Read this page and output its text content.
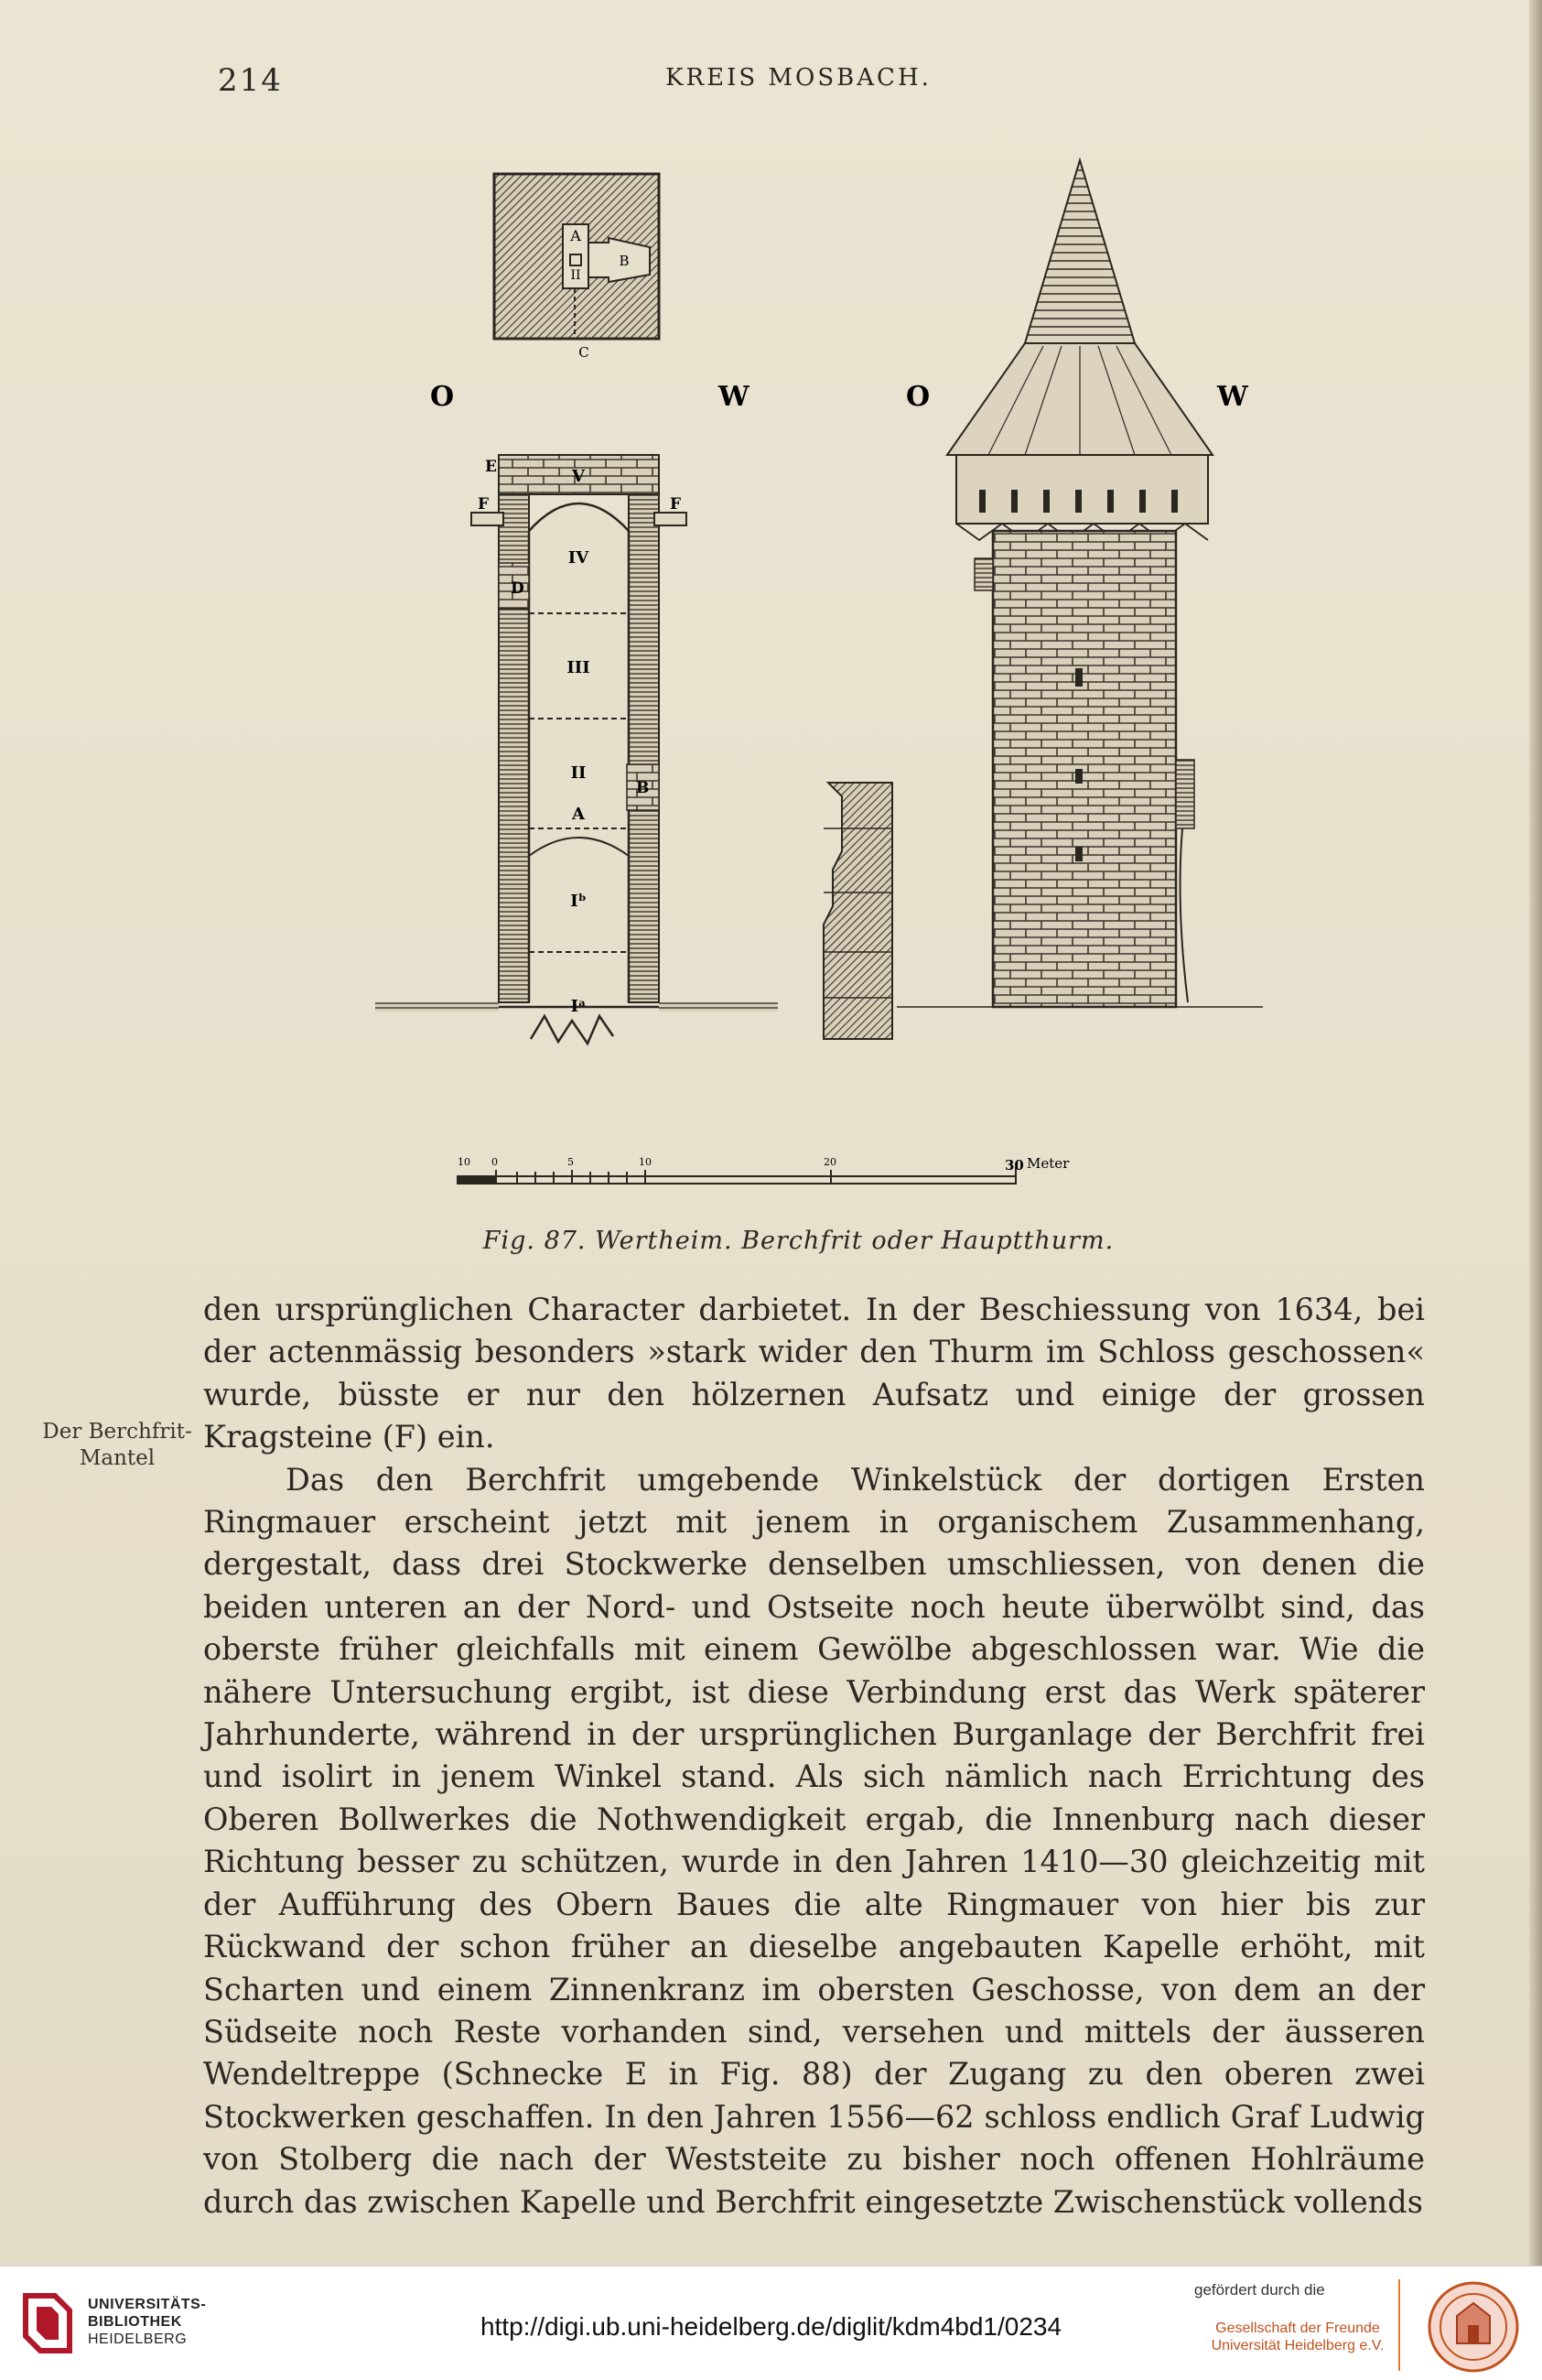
214	KREIS MOSBACH.
A
II
B
C
O	W	O	W
E
F	F
D
B
V
IV
III
II
A
Iᵇ
Iᵃ
10 0	5	10	20	30 Meter
Fig. 87. Wertheim. Berchfrit oder Hauptthurm.
Der Berchfrit-
Mantel

den ursprünglichen Character darbietet. In der Beschiessung von 1634, bei der actenmässig besonders »stark wider den Thurm im Schloss geschossen« wurde, büsste er nur den hölzernen Aufsatz und einige der grossen Kragsteine (F) ein.

Das den Berchfrit umgebende Winkelstück der dortigen Ersten Ringmauer erscheint jetzt mit jenem in organischem Zusammenhang, dergestalt, dass drei Stockwerke denselben umschliessen, von denen die beiden unteren an der Nord- und Ostseite noch heute überwölbt sind, das oberste früher gleichfalls mit einem Gewölbe abgeschlossen war. Wie die nähere Untersuchung ergibt, ist diese Verbindung erst das Werk späterer Jahrhunderte, während in der ursprünglichen Burganlage der Berchfrit frei und isolirt in jenem Winkel stand. Als sich nämlich nach Errichtung des Oberen Bollwerkes die Nothwendigkeit ergab, die Innenburg nach dieser Richtung besser zu schützen, wurde in den Jahren 1410—30 gleichzeitig mit der Aufführung des Obern Baues die alte Ringmauer von hier bis zur Rückwand der schon früher an dieselbe angebauten Kapelle erhöht, mit Scharten und einem Zinnenkranz im obersten Geschosse, von dem an der Südseite noch Reste vorhanden sind, versehen und mittels der äusseren Wendeltreppe (Schnecke E in Fig. 88) der Zugang zu den oberen zwei Stockwerken geschaffen. In den Jahren 1556—62 schloss endlich Graf Ludwig von Stolberg die nach der Weststeite zu bisher noch offenen Hohlräume durch das zwischen Kapelle und Berchfrit eingesetzte Zwischenstück vollends

UNIVERSITÄTS-
BIBLIOTHEK
HEIDELBERG	http://digi.ub.uni-heidelberg.de/diglit/kdm4bd1/0234
gefördert durch die
Gesellschaft der Freunde
Universität Heidelberg e.V.
